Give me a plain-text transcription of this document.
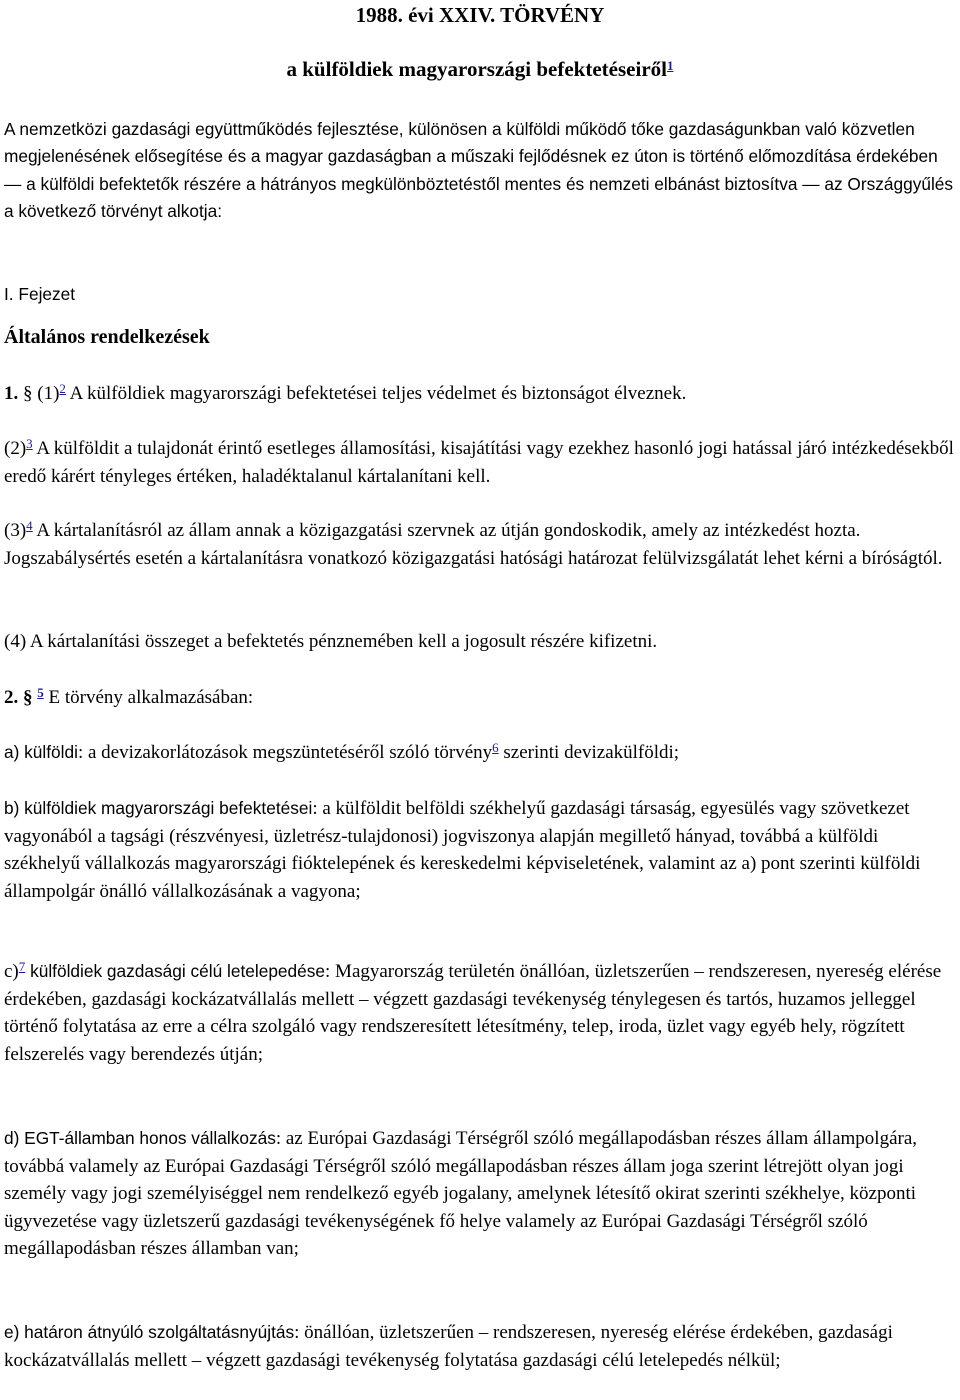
1988. évi XXIV. TÖRVÉNY
a külföldiek magyarországi befektetéseiről$^1$

A nemzetközi gazdasági együttműködés fejlesztése, különösen a külföldi működő tőke gazdaságunkban való közvetlen megjelenésének elősegítése és a magyar gazdaságban a műszaki fejlődésnek ez úton is történő előmozdítása érdekében — a külföldi befektetők részére a hátrányos megkülönböztetéstől mentes és nemzeti elbánást biztosítva — az Országgyűlés a következő törvényt alkotja:

I. Fejezet

Általános rendelkezések

1. § $(1)^2$ A külföldiek magyarországi befektetései teljes védelmet és biztonságot élveznek.

$(2)^3$ A külföldit a tulajdonát érintő esetleges államosítási, kisajátítási vagy ezekhez hasonló jogi hatással járó intézkedésekből eredő kárért tényleges értéken, haladéktalanul kártalanítani kell.

$(3)^4$ A kártalanításról az állam annak a közigazgatási szervnek az útján gondoskodik, amely az intézkedést hozta. Jogszabálysértés esetén a kártalanításra vonatkozó közigazgatási hatósági határozat felülvizsgálatát lehet kérni a bíróságtól.

(4) A kártalanítási összeget a befektetés pénznemében kell a jogosult részére kifizetni.

2. § $^5$ E törvény alkalmazásában:

a) külföldi: a devizakorlátozások megszüntetéséről szóló törvény$^6$ szerinti devizakülföldi;

b) külföldiek magyarországi befektetései: a külföldit belföldi székhelyű gazdasági társaság, egyesülés vagy szövetkezet vagyonából a tagsági (részvényesi, üzletrész-tulajdonosi) jogviszonya alapján megillető hányad, továbbá a külföldi székhelyű vállalkozás magyarországi fióktelepének és kereskedelmi képviseletének, valamint az a) pont szerinti külföldi állampolgár önálló vállalkozásának a vagyona;

c)$^7$ külföldiek gazdasági célú letelepedése: Magyarország területén önállóan, üzletszerűen – rendszeresen, nyereség elérése érdekében, gazdasági kockázatvállalás mellett – végzett gazdasági tevékenység ténylegesen és tartós, huzamos jelleggel történő folytatása az erre a célra szolgáló vagy rendszeresített létesítmény, telep, iroda, üzlet vagy egyéb hely, rögzített felszerelés vagy berendezés útján;

d) EGT-államban honos vállalkozás: az Európai Gazdasági Térségről szóló megállapodásban részes állam állampolgára, továbbá valamely az Európai Gazdasági Térségről szóló megállapodásban részes állam joga szerint létrejött olyan jogi személy vagy jogi személyiséggel nem rendelkező egyéb jogalany, amelynek létesítő okirat szerinti székhelye, központi ügyvezetése vagy üzletszerű gazdasági tevékenységének fő helye valamely az Európai Gazdasági Térségről szóló megállapodásban részes államban van;

e) határon átnyúló szolgáltatásnyújtás: önállóan, üzletszerűen – rendszeresen, nyereség elérése érdekében, gazdasági kockázatvállalás mellett – végzett gazdasági tevékenység folytatása gazdasági célú letelepedés nélkül;
